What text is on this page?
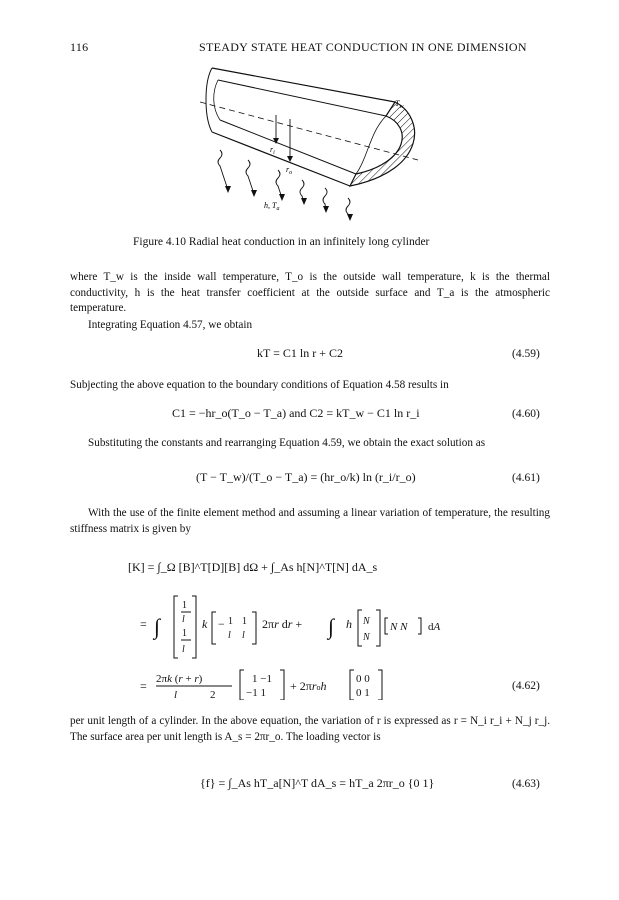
116	STEADY STATE HEAT CONDUCTION IN ONE DIMENSION
$T_w$
$r_i$
$r_o$
h, $T_a$
Figure 4.10 Radial heat conduction in an infinitely long cylinder
where T_w is the inside wall temperature, T_o is the outside wall temperature, k is the thermal conductivity, h is the heat transfer coefficient at the outside surface and T_a is the atmospheric temperature.
Integrating Equation 4.57, we obtain
kT = C1 ln r + C2	(4.59)
Subjecting the above equation to the boundary conditions of Equation 4.58 results in
C1 = −hr_o(T_o − T_a) and C2 = kT_w − C1 ln r_i	(4.60)
Substituting the constants and rearranging Equation 4.59, we obtain the exact solution as
(T − T_w)/(T_o − T_a) = (hr_o/k) ln (r_i/r_o)	(4.61)
With the use of the finite element method and assuming a linear variation of temperature, the resulting stiffness matrix is given by
[K] = ∫_Ω [B]^T[D][B] dΩ + ∫_As h[N]^T[N] dA_s
= ∫
1
l
1
l
k − 1
l
1
l
2πr dr + ∫ h N
N
N N dA
= 2πk (r + r)
l	2
1 −1
−1 1 + 2πroh	0 0
0 1
(4.62)
per unit length of a cylinder. In the above equation, the variation of r is expressed as r = N_i r_i + N_j r_j. The surface area per unit length is A_s = 2πr_o. The loading vector is
{f} = ∫_As hT_a[N]^T dA_s = hT_a 2πr_o {0 1}	(4.63)
